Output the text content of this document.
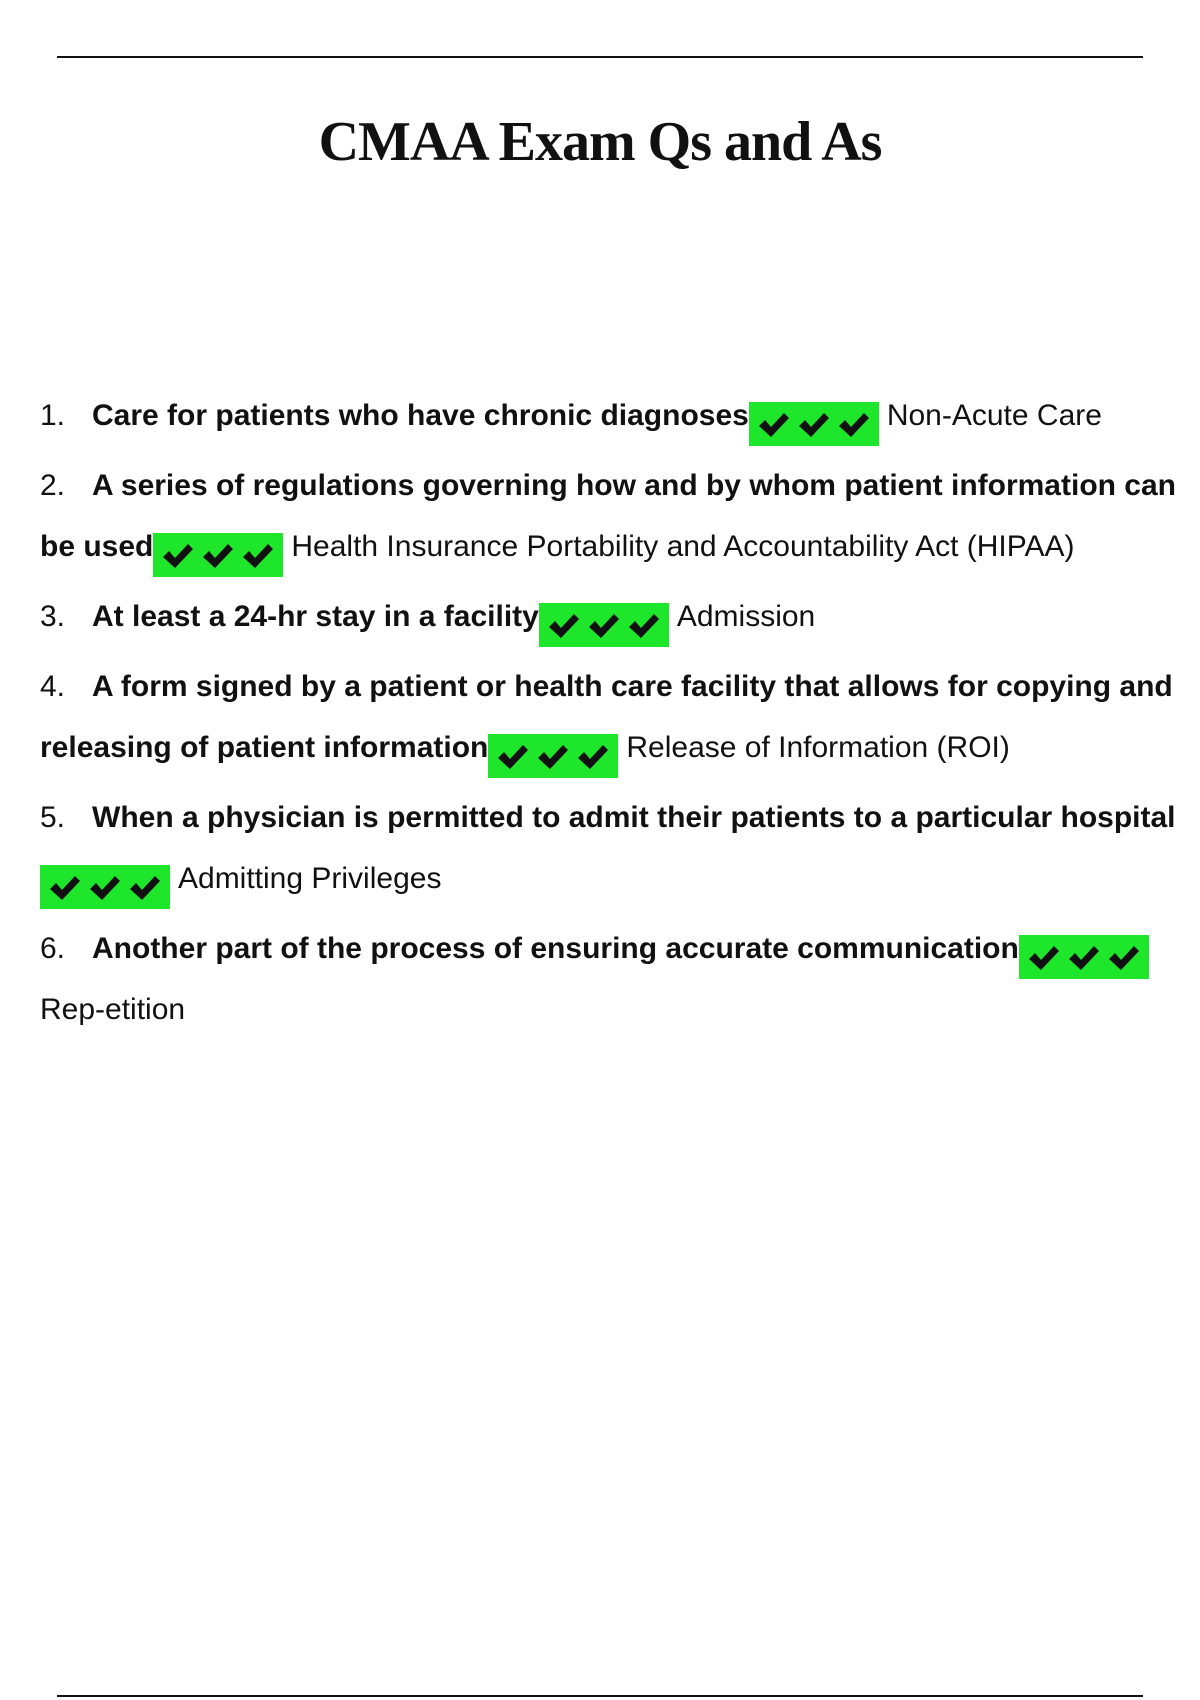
CMAA Exam Qs and As
1. Care for patients who have chronic diagnoses	Non-Acute Care
2. A series of regulations governing how and by whom patient information can be used	Health Insurance Portability and Accountability Act (HIPAA)
3. At least a 24-hr stay in a facility	Admission
4. A form signed by a patient or health care facility that allows for copying and releasing of patient information	Release of Information (ROI)
5. When a physician is permitted to admit their patients to a particular hospital
Admitting Privileges
6. Another part of the process of ensuring accurate communication
Rep-etition
